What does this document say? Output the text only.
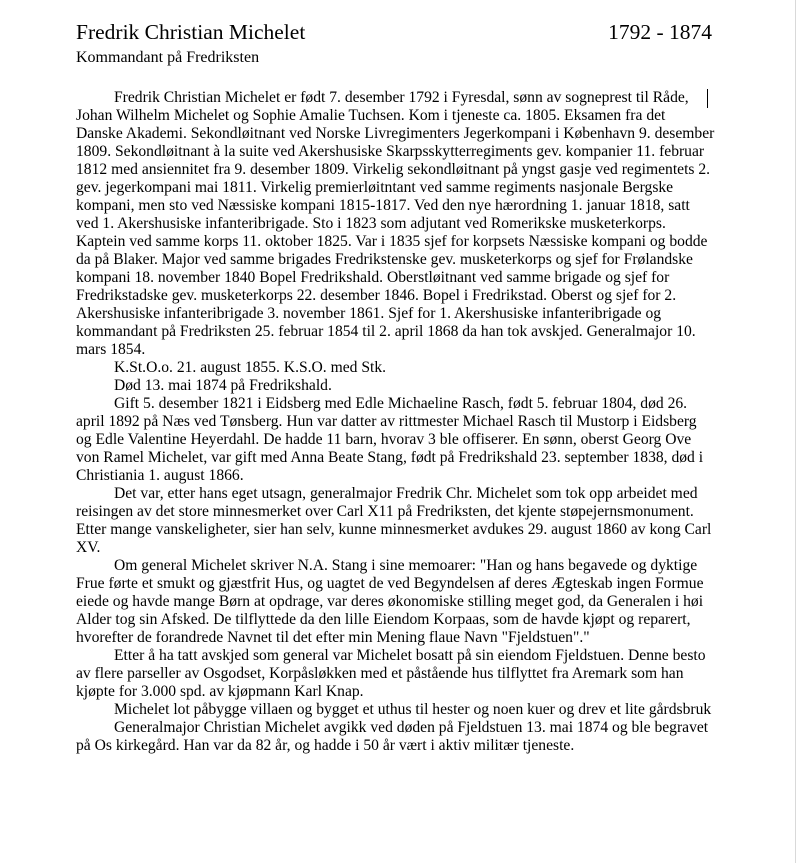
Fredrik Christian Michelet	1792 - 1874
Kommandant på Fredriksten

Fredrik Christian Michelet er født 7. desember 1792 i Fyresdal, sønn av sogneprest til Råde, Johan Wilhelm Michelet og Sophie Amalie Tuchsen. Kom i tjeneste ca. 1805. Eksamen fra det Danske Akademi. Sekondløitnant ved Norske Livregimenters Jegerkompani i København 9. desember 1809. Sekondløitnant à la suite ved Akershusiske Skarpsskytterregiments gev. kompanier 11. februar 1812 med ansiennitet fra 9. desember 1809. Virkelig sekondløitnant på yngst gasje ved regimentets 2. gev. jegerkompani mai 1811. Virkelig premierløitntant ved samme regiments nasjonale Bergske kompani, men sto ved Næssiske kompani 1815-1817. Ved den nye hærordning 1. januar 1818, satt ved 1. Akershusiske infanteribrigade. Sto i 1823 som adjutant ved Romerikske musketerkorps. Kaptein ved samme korps 11. oktober 1825. Var i 1835 sjef for korpsets Næssiske kompani og bodde da på Blaker. Major ved samme brigades Fredrikstenske gev. musketerkorps og sjef for Frølandske kompani 18. november 1840 Bopel Fredrikshald. Oberstløitnant ved samme brigade og sjef for Fredrikstadske gev. musketerkorps 22. desember 1846. Bopel i Fredrikstad. Oberst og sjef for 2. Akershusiske infanteribrigade 3. november 1861. Sjef for 1. Akershusiske infanteribrigade og kommandant på Fredriksten 25. februar 1854 til 2. april 1868 da han tok avskjed. Generalmajor 10. mars 1854.

K.St.O.o. 21. august 1855. K.S.O. med Stk.

Død 13. mai 1874 på Fredrikshald.

Gift 5. desember 1821 i Eidsberg med Edle Michaeline Rasch, født 5. februar 1804, død 26. april 1892 på Næs ved Tønsberg. Hun var datter av rittmester Michael Rasch til Mustorp i Eidsberg og Edle Valentine Heyerdahl. De hadde 11 barn, hvorav 3 ble offiserer. En sønn, oberst Georg Ove von Ramel Michelet, var gift med Anna Beate Stang, født på Fredrikshald 23. september 1838, død i Christiania 1. august 1866.

Det var, etter hans eget utsagn, generalmajor Fredrik Chr. Michelet som tok opp arbeidet med reisingen av det store minnesmerket over Carl X11 på Fredriksten, det kjente støpejernsmonument. Etter mange vanskeligheter, sier han selv, kunne minnesmerket avdukes 29. august 1860 av kong Carl XV.

Om general Michelet skriver N.A. Stang i sine memoarer: "Han og hans begavede og dyktige Frue førte et smukt og gjæstfrit Hus, og uagtet de ved Begyndelsen af deres Ægteskab ingen Formue eiede og havde mange Børn at opdrage, var deres økonomiske stilling meget god, da Generalen i høi Alder tog sin Afsked. De tilflyttede da den lille Eiendom Korpaas, som de havde kjøpt og reparert, hvorefter de forandrede Navnet til det efter min Mening flaue Navn "Fjeldstuen"."

Etter å ha tatt avskjed som general var Michelet bosatt på sin eiendom Fjeldstuen. Denne besto av flere parseller av Osgodset, Korpåsløkken med et påstående hus tilflyttet fra Aremark som han kjøpte for 3.000 spd. av kjøpmann Karl Knap.

Michelet lot påbygge villaen og bygget et uthus til hester og noen kuer og drev et lite gårdsbruk

Generalmajor Christian Michelet avgikk ved døden på Fjeldstuen 13. mai 1874 og ble begravet på Os kirkegård. Han var da 82 år, og hadde i 50 år vært i aktiv militær tjeneste.
